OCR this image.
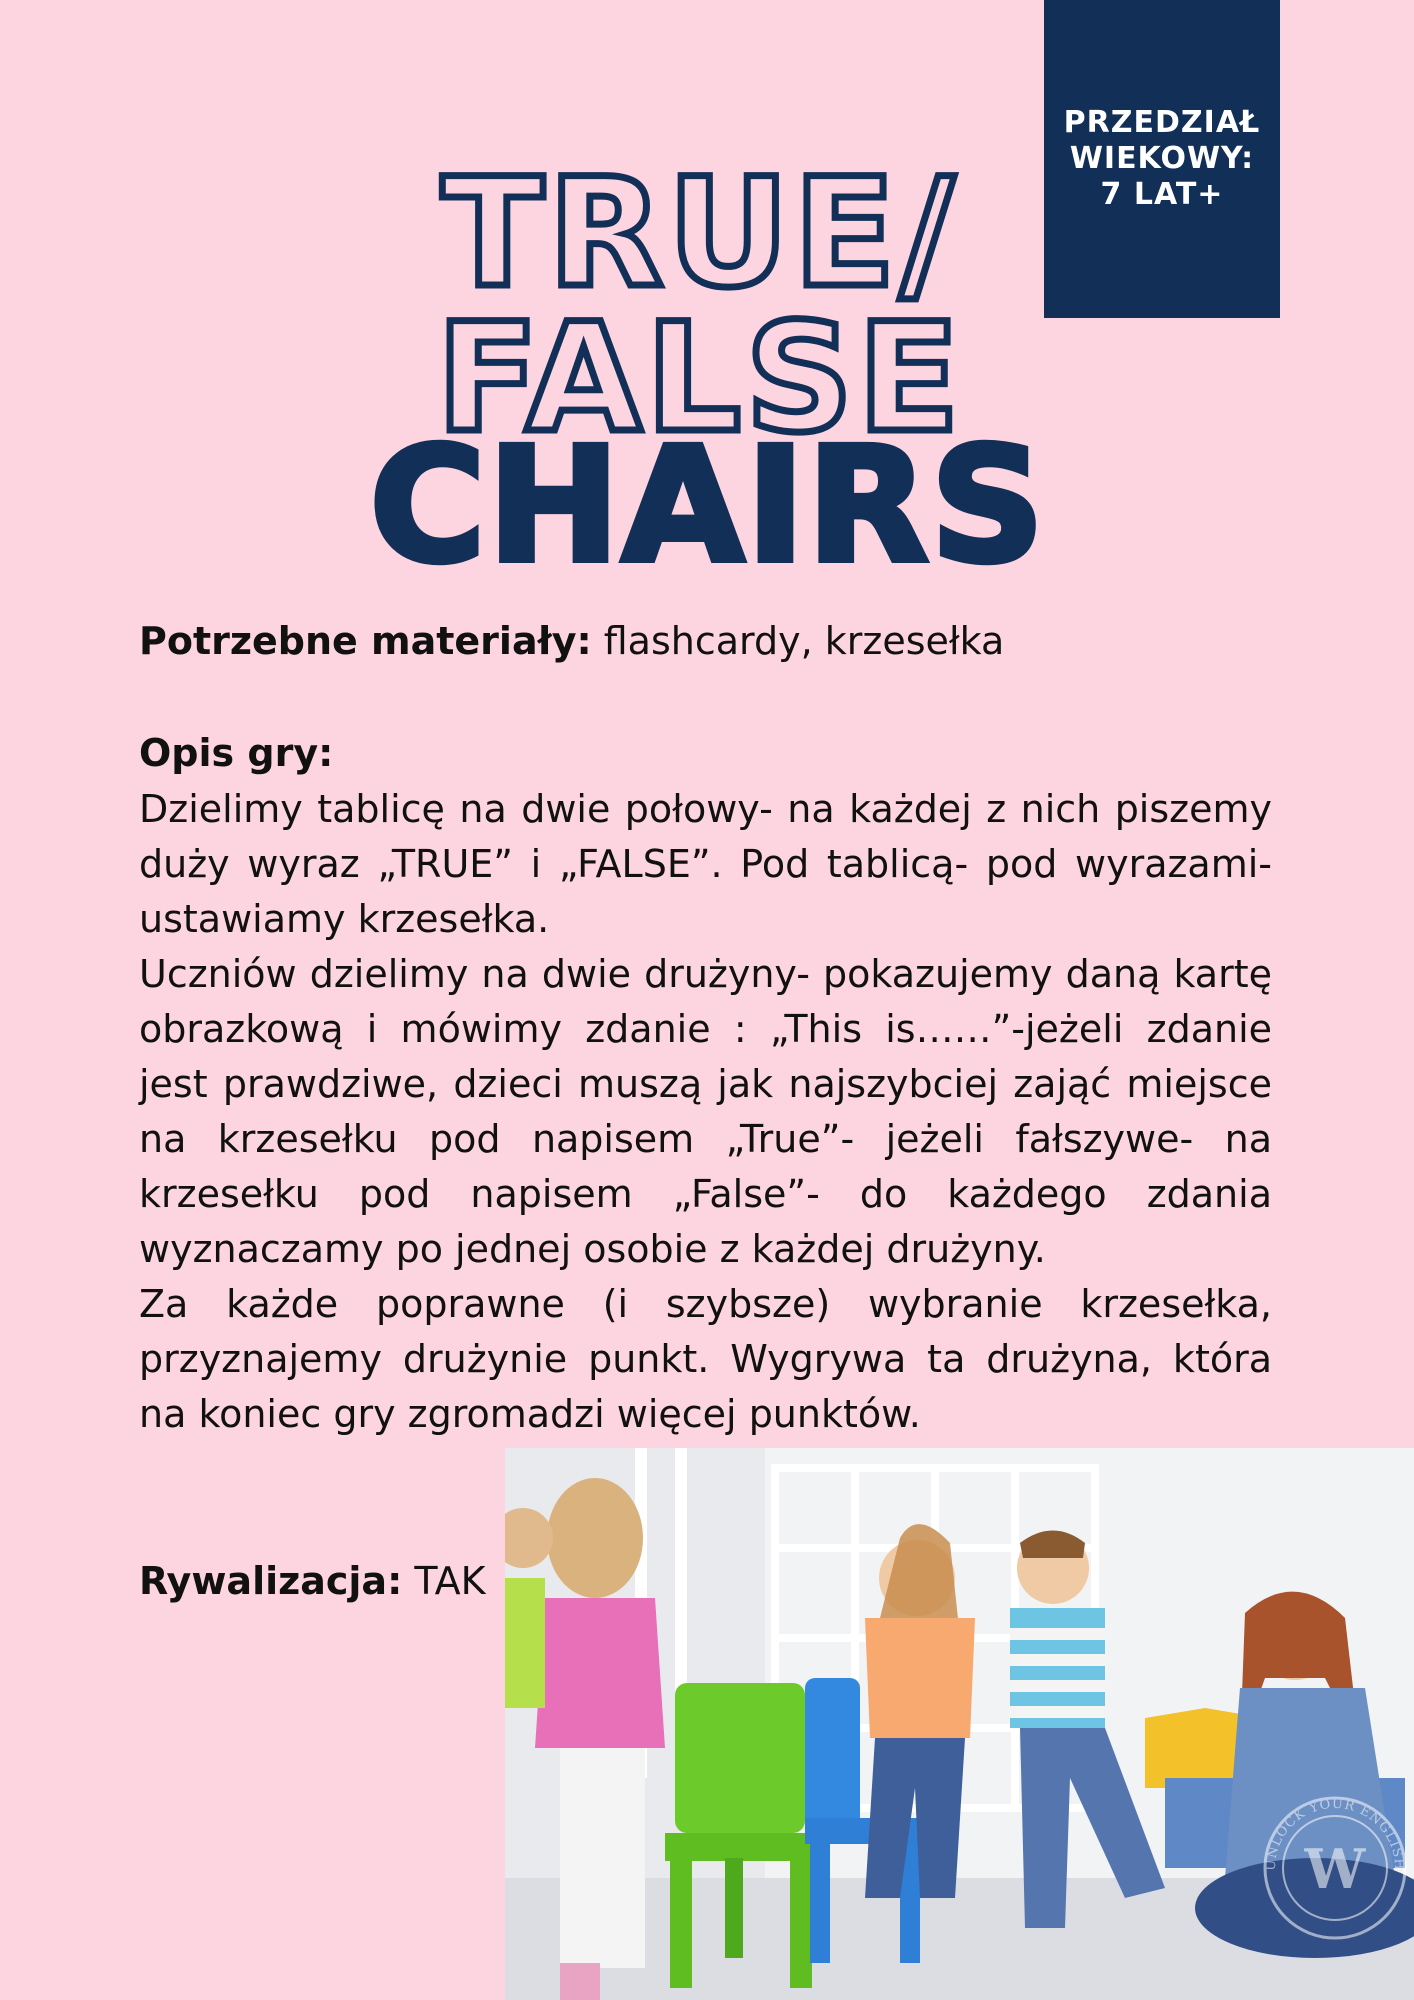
PRZEDZIAŁ
WIEKOWY:
7 LAT+
TRUE/
FALSE
CHAIRS
Potrzebne materiały: flashcardy, krzesełka
Opis gry:

Dzielimy tablicę na dwie połowy- na każdej z nich piszemy duży wyraz „TRUE” i „FALSE”. Pod tablicą- pod wyrazami- ustawiamy krzesełka.

Uczniów dzielimy na dwie drużyny- pokazujemy daną kartę obrazkową i mówimy zdanie : „This is……”-jeżeli zdanie jest prawdziwe, dzieci muszą jak najszybciej zająć miejsce na krzesełku pod napisem „True”- jeżeli fałszywe- na krzesełku pod napisem „False”- do każdego zdania wyznaczamy po jednej osobie z każdej drużyny.

Za każde poprawne (i szybsze) wybranie krzesełka, przyznajemy drużynie punkt. Wygrywa ta drużyna, która na koniec gry zgromadzi więcej punktów.

Rywalizacja: TAK
W
UNLOCK YOUR ENGLISH
